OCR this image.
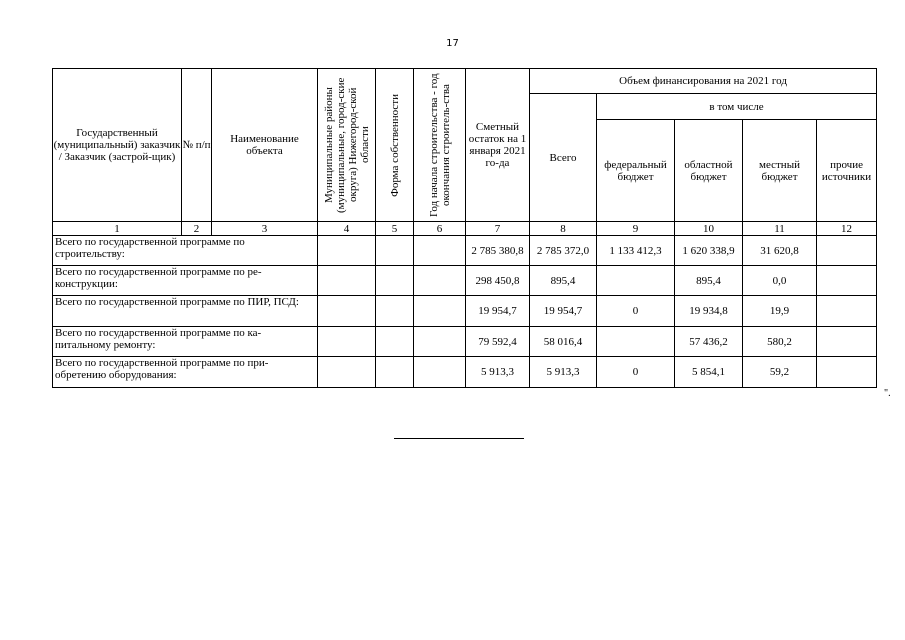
17
Государственный (муниципальный) заказчик / Заказчик (застрой-щик)	№ п/п	Наименование объекта	Муниципальные районы (муниципальные, город-ские округа) Нижегород-ской области	Форма собственности	Год начала строительства - год окончания строитель-ства	Сметный остаток на 1 января 2021 го-да	Объем финансирования на 2021 год				
							Всего	в том числе			
								федеральный бюджет	областной бюджет	местный бюджет	прочие источники
1	2	3	4	5	6	7	8	9	10	11	12
Всего по государственной программе по строительству:						2 785 380,8	2 785 372,0	1 133 412,3	1 620 338,9	31 620,8	
Всего по государственной программе по ре-конструкции:						298 450,8	895,4		895,4	0,0	
Всего по государственной программе по ПИР, ПСД:						19 954,7	19 954,7	0	19 934,8	19,9	
Всего по государственной программе по ка-питальному ремонту:						79 592,4	58 016,4		57 436,2	580,2	
Всего по государственной программе по при-обретению оборудования:						5 913,3	5 913,3	0	5 854,1	59,2	
".
